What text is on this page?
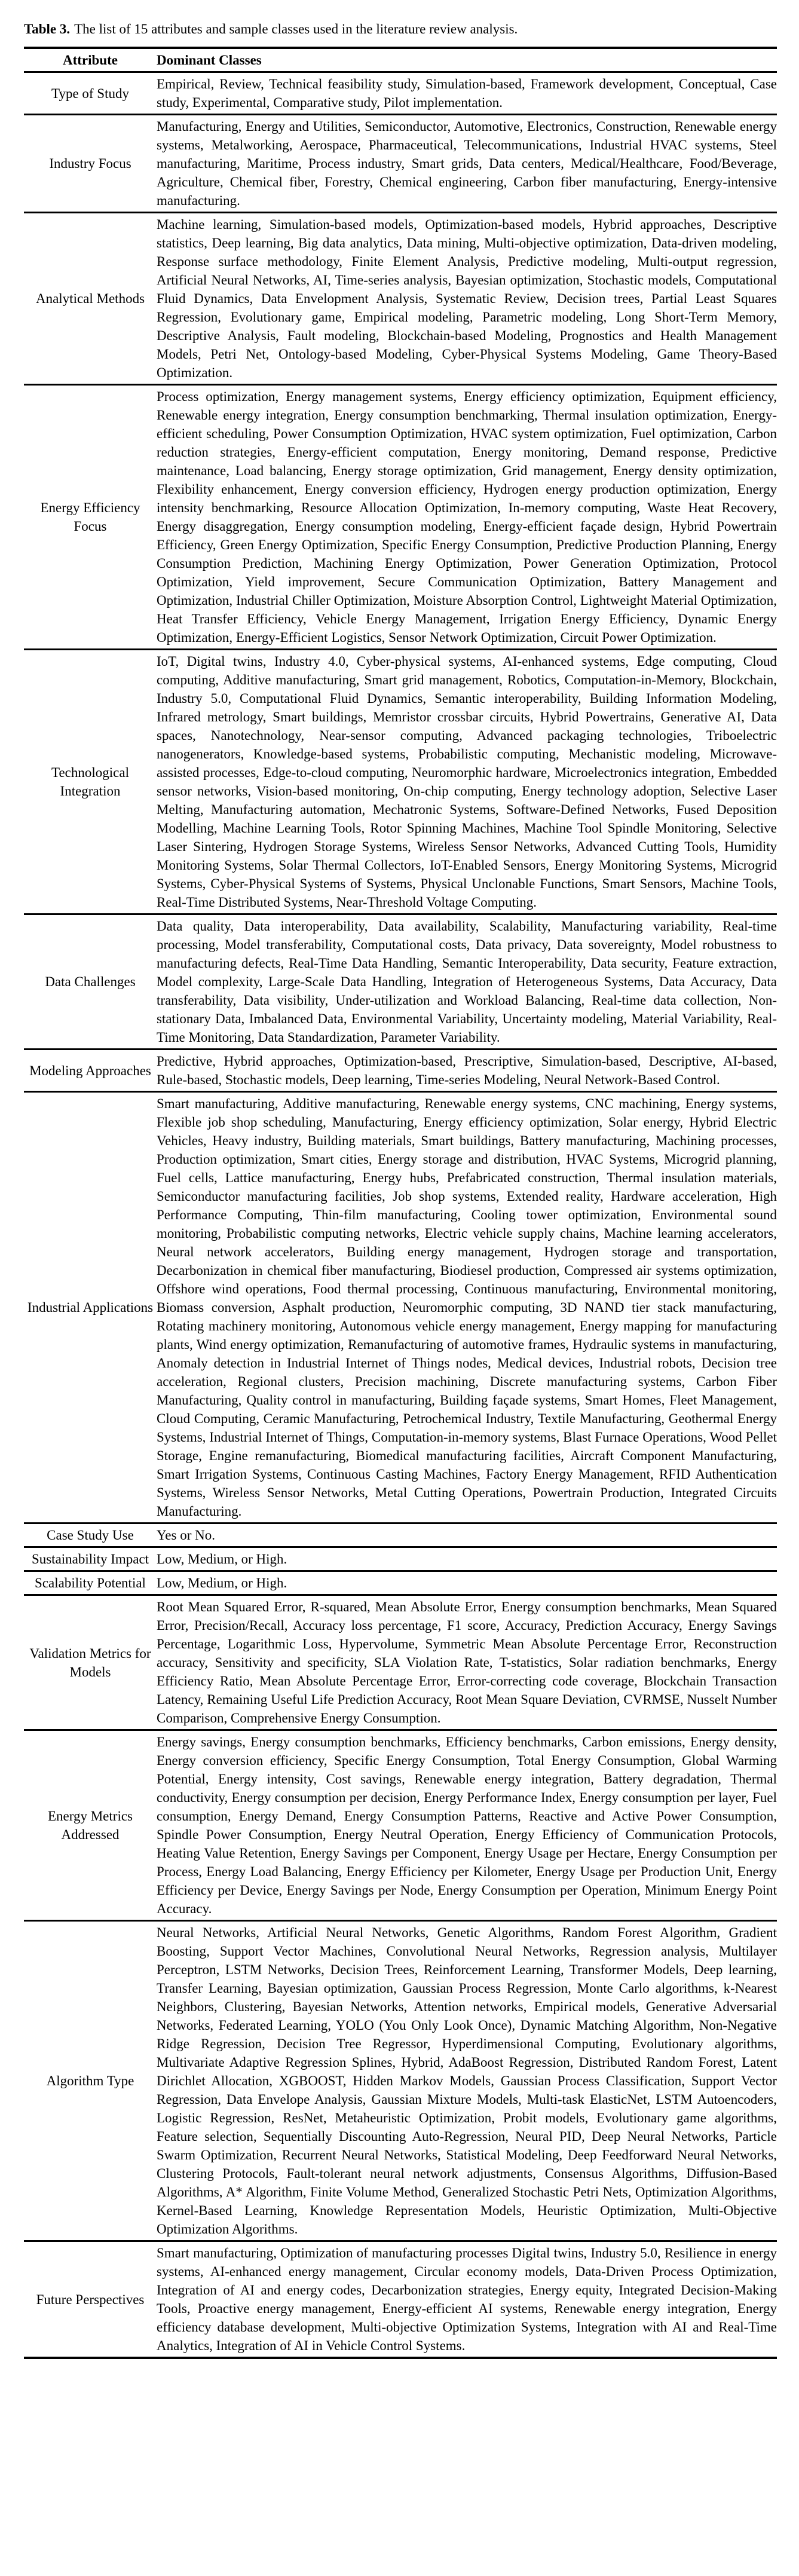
Table 3. The list of 15 attributes and sample classes used in the literature review analysis.

Attribute	Dominant Classes
Type of Study	Empirical, Review, Technical feasibility study, Simulation-based, Framework development, Conceptual, Case study, Experimental, Comparative study, Pilot implementation.
Industry Focus	Manufacturing, Energy and Utilities, Semiconductor, Automotive, Electronics, Construction, Renewable energy systems, Metalworking, Aerospace, Pharmaceutical, Telecommunications, Industrial HVAC systems, Steel manufacturing, Maritime, Process industry, Smart grids, Data centers, Medical/Healthcare, Food/Beverage, Agriculture, Chemical fiber, Forestry, Chemical engineering, Carbon fiber manufacturing, Energy-intensive manufacturing.
Analytical Methods	Machine learning, Simulation-based models, Optimization-based models, Hybrid approaches, Descriptive statistics, Deep learning, Big data analytics, Data mining, Multi-objective optimization, Data-driven modeling, Response surface methodology, Finite Element Analysis, Predictive modeling, Multi-output regression, Artificial Neural Networks, AI, Time-series analysis, Bayesian optimization, Stochastic models, Computational Fluid Dynamics, Data Envelopment Analysis, Systematic Review, Decision trees, Partial Least Squares Regression, Evolutionary game, Empirical modeling, Parametric modeling, Long Short-Term Memory, Descriptive Analysis, Fault modeling, Blockchain-based Modeling, Prognostics and Health Management Models, Petri Net, Ontology-based Modeling, Cyber-Physical Systems Modeling, Game Theory-Based Optimization.
Energy Efficiency Focus	Process optimization, Energy management systems, Energy efficiency optimization, Equipment efficiency, Renewable energy integration, Energy consumption benchmarking, Thermal insulation optimization, Energy-efficient scheduling, Power Consumption Optimization, HVAC system optimization, Fuel optimization, Carbon reduction strategies, Energy-efficient computation, Energy monitoring, Demand response, Predictive maintenance, Load balancing, Energy storage optimization, Grid management, Energy density optimization, Flexibility enhancement, Energy conversion efficiency, Hydrogen energy production optimization, Energy intensity benchmarking, Resource Allocation Optimization, In-memory computing, Waste Heat Recovery, Energy disaggregation, Energy consumption modeling, Energy-efficient façade design, Hybrid Powertrain Efficiency, Green Energy Optimization, Specific Energy Consumption, Predictive Production Planning, Energy Consumption Prediction, Machining Energy Optimization, Power Generation Optimization, Protocol Optimization, Yield improvement, Secure Communication Optimization, Battery Management and Optimization, Industrial Chiller Optimization, Moisture Absorption Control, Lightweight Material Optimization, Heat Transfer Efficiency, Vehicle Energy Management, Irrigation Energy Efficiency, Dynamic Energy Optimization, Energy-Efficient Logistics, Sensor Network Optimization, Circuit Power Optimization.
Technological Integration	IoT, Digital twins, Industry 4.0, Cyber-physical systems, AI-enhanced systems, Edge computing, Cloud computing, Additive manufacturing, Smart grid management, Robotics, Computation-in-Memory, Blockchain, Industry 5.0, Computational Fluid Dynamics, Semantic interoperability, Building Information Modeling, Infrared metrology, Smart buildings, Memristor crossbar circuits, Hybrid Powertrains, Generative AI, Data spaces, Nanotechnology, Near-sensor computing, Advanced packaging technologies, Triboelectric nanogenerators, Knowledge-based systems, Probabilistic computing, Mechanistic modeling, Microwave-assisted processes, Edge-to-cloud computing, Neuromorphic hardware, Microelectronics integration, Embedded sensor networks, Vision-based monitoring, On-chip computing, Energy technology adoption, Selective Laser Melting, Manufacturing automation, Mechatronic Systems, Software-Defined Networks, Fused Deposition Modelling, Machine Learning Tools, Rotor Spinning Machines, Machine Tool Spindle Monitoring, Selective Laser Sintering, Hydrogen Storage Systems, Wireless Sensor Networks, Advanced Cutting Tools, Humidity Monitoring Systems, Solar Thermal Collectors, IoT-Enabled Sensors, Energy Monitoring Systems, Microgrid Systems, Cyber-Physical Systems of Systems, Physical Unclonable Functions, Smart Sensors, Machine Tools, Real-Time Distributed Systems, Near-Threshold Voltage Computing.
Data Challenges	Data quality, Data interoperability, Data availability, Scalability, Manufacturing variability, Real-time processing, Model transferability, Computational costs, Data privacy, Data sovereignty, Model robustness to manufacturing defects, Real-Time Data Handling, Semantic Interoperability, Data security, Feature extraction, Model complexity, Large-Scale Data Handling, Integration of Heterogeneous Systems, Data Accuracy, Data transferability, Data visibility, Under-utilization and Workload Balancing, Real-time data collection, Non-stationary Data, Imbalanced Data, Environmental Variability, Uncertainty modeling, Material Variability, Real-Time Monitoring, Data Standardization, Parameter Variability.
Modeling Approaches	Predictive, Hybrid approaches, Optimization-based, Prescriptive, Simulation-based, Descriptive, AI-based, Rule-based, Stochastic models, Deep learning, Time-series Modeling, Neural Network-Based Control.
Industrial Applications	Smart manufacturing, Additive manufacturing, Renewable energy systems, CNC machining, Energy systems, Flexible job shop scheduling, Manufacturing, Energy efficiency optimization, Solar energy, Hybrid Electric Vehicles, Heavy industry, Building materials, Smart buildings, Battery manufacturing, Machining processes, Production optimization, Smart cities, Energy storage and distribution, HVAC Systems, Microgrid planning, Fuel cells, Lattice manufacturing, Energy hubs, Prefabricated construction, Thermal insulation materials, Semiconductor manufacturing facilities, Job shop systems, Extended reality, Hardware acceleration, High Performance Computing, Thin-film manufacturing, Cooling tower optimization, Environmental sound monitoring, Probabilistic computing networks, Electric vehicle supply chains, Machine learning accelerators, Neural network accelerators, Building energy management, Hydrogen storage and transportation, Decarbonization in chemical fiber manufacturing, Biodiesel production, Compressed air systems optimization, Offshore wind operations, Food thermal processing, Continuous manufacturing, Environmental monitoring, Biomass conversion, Asphalt production, Neuromorphic computing, 3D NAND tier stack manufacturing, Rotating machinery monitoring, Autonomous vehicle energy management, Energy mapping for manufacturing plants, Wind energy optimization, Remanufacturing of automotive frames, Hydraulic systems in manufacturing, Anomaly detection in Industrial Internet of Things nodes, Medical devices, Industrial robots, Decision tree acceleration, Regional clusters, Precision machining, Discrete manufacturing systems, Carbon Fiber Manufacturing, Quality control in manufacturing, Building façade systems, Smart Homes, Fleet Management, Cloud Computing, Ceramic Manufacturing, Petrochemical Industry, Textile Manufacturing, Geothermal Energy Systems, Industrial Internet of Things, Computation-in-memory systems, Blast Furnace Operations, Wood Pellet Storage, Engine remanufacturing, Biomedical manufacturing facilities, Aircraft Component Manufacturing, Smart Irrigation Systems, Continuous Casting Machines, Factory Energy Management, RFID Authentication Systems, Wireless Sensor Networks, Metal Cutting Operations, Powertrain Production, Integrated Circuits Manufacturing.
Case Study Use	Yes or No.
Sustainability Impact	Low, Medium, or High.
Scalability Potential	Low, Medium, or High.
Validation Metrics for Models	Root Mean Squared Error, R-squared, Mean Absolute Error, Energy consumption benchmarks, Mean Squared Error, Precision/Recall, Accuracy loss percentage, F1 score, Accuracy, Prediction Accuracy, Energy Savings Percentage, Logarithmic Loss, Hypervolume, Symmetric Mean Absolute Percentage Error, Reconstruction accuracy, Sensitivity and specificity, SLA Violation Rate, T-statistics, Solar radiation benchmarks, Energy Efficiency Ratio, Mean Absolute Percentage Error, Error-correcting code coverage, Blockchain Transaction Latency, Remaining Useful Life Prediction Accuracy, Root Mean Square Deviation, CVRMSE, Nusselt Number Comparison, Comprehensive Energy Consumption.
Energy Metrics Addressed	Energy savings, Energy consumption benchmarks, Efficiency benchmarks, Carbon emissions, Energy density, Energy conversion efficiency, Specific Energy Consumption, Total Energy Consumption, Global Warming Potential, Energy intensity, Cost savings, Renewable energy integration, Battery degradation, Thermal conductivity, Energy consumption per decision, Energy Performance Index, Energy consumption per layer, Fuel consumption, Energy Demand, Energy Consumption Patterns, Reactive and Active Power Consumption, Spindle Power Consumption, Energy Neutral Operation, Energy Efficiency of Communication Protocols, Heating Value Retention, Energy Savings per Component, Energy Usage per Hectare, Energy Consumption per Process, Energy Load Balancing, Energy Efficiency per Kilometer, Energy Usage per Production Unit, Energy Efficiency per Device, Energy Savings per Node, Energy Consumption per Operation, Minimum Energy Point Accuracy.
Algorithm Type	Neural Networks, Artificial Neural Networks, Genetic Algorithms, Random Forest Algorithm, Gradient Boosting, Support Vector Machines, Convolutional Neural Networks, Regression analysis, Multilayer Perceptron, LSTM Networks, Decision Trees, Reinforcement Learning, Transformer Models, Deep learning, Transfer Learning, Bayesian optimization, Gaussian Process Regression, Monte Carlo algorithms, k-Nearest Neighbors, Clustering, Bayesian Networks, Attention networks, Empirical models, Generative Adversarial Networks, Federated Learning, YOLO (You Only Look Once), Dynamic Matching Algorithm, Non-Negative Ridge Regression, Decision Tree Regressor, Hyperdimensional Computing, Evolutionary algorithms, Multivariate Adaptive Regression Splines, Hybrid, AdaBoost Regression, Distributed Random Forest, Latent Dirichlet Allocation, XGBOOST, Hidden Markov Models, Gaussian Process Classification, Support Vector Regression, Data Envelope Analysis, Gaussian Mixture Models, Multi-task ElasticNet, LSTM Autoencoders, Logistic Regression, ResNet, Metaheuristic Optimization, Probit models, Evolutionary game algorithms, Feature selection, Sequentially Discounting Auto-Regression, Neural PID, Deep Neural Networks, Particle Swarm Optimization, Recurrent Neural Networks, Statistical Modeling, Deep Feedforward Neural Networks, Clustering Protocols, Fault-tolerant neural network adjustments, Consensus Algorithms, Diffusion-Based Algorithms, A* Algorithm, Finite Volume Method, Generalized Stochastic Petri Nets, Optimization Algorithms, Kernel-Based Learning, Knowledge Representation Models, Heuristic Optimization, Multi-Objective Optimization Algorithms.
Future Perspectives	Smart manufacturing, Optimization of manufacturing processes Digital twins, Industry 5.0, Resilience in energy systems, AI-enhanced energy management, Circular economy models, Data-Driven Process Optimization, Integration of AI and energy codes, Decarbonization strategies, Energy equity, Integrated Decision-Making Tools, Proactive energy management, Energy-efficient AI systems, Renewable energy integration, Energy efficiency database development, Multi-objective Optimization Systems, Integration with AI and Real-Time Analytics, Integration of AI in Vehicle Control Systems.
